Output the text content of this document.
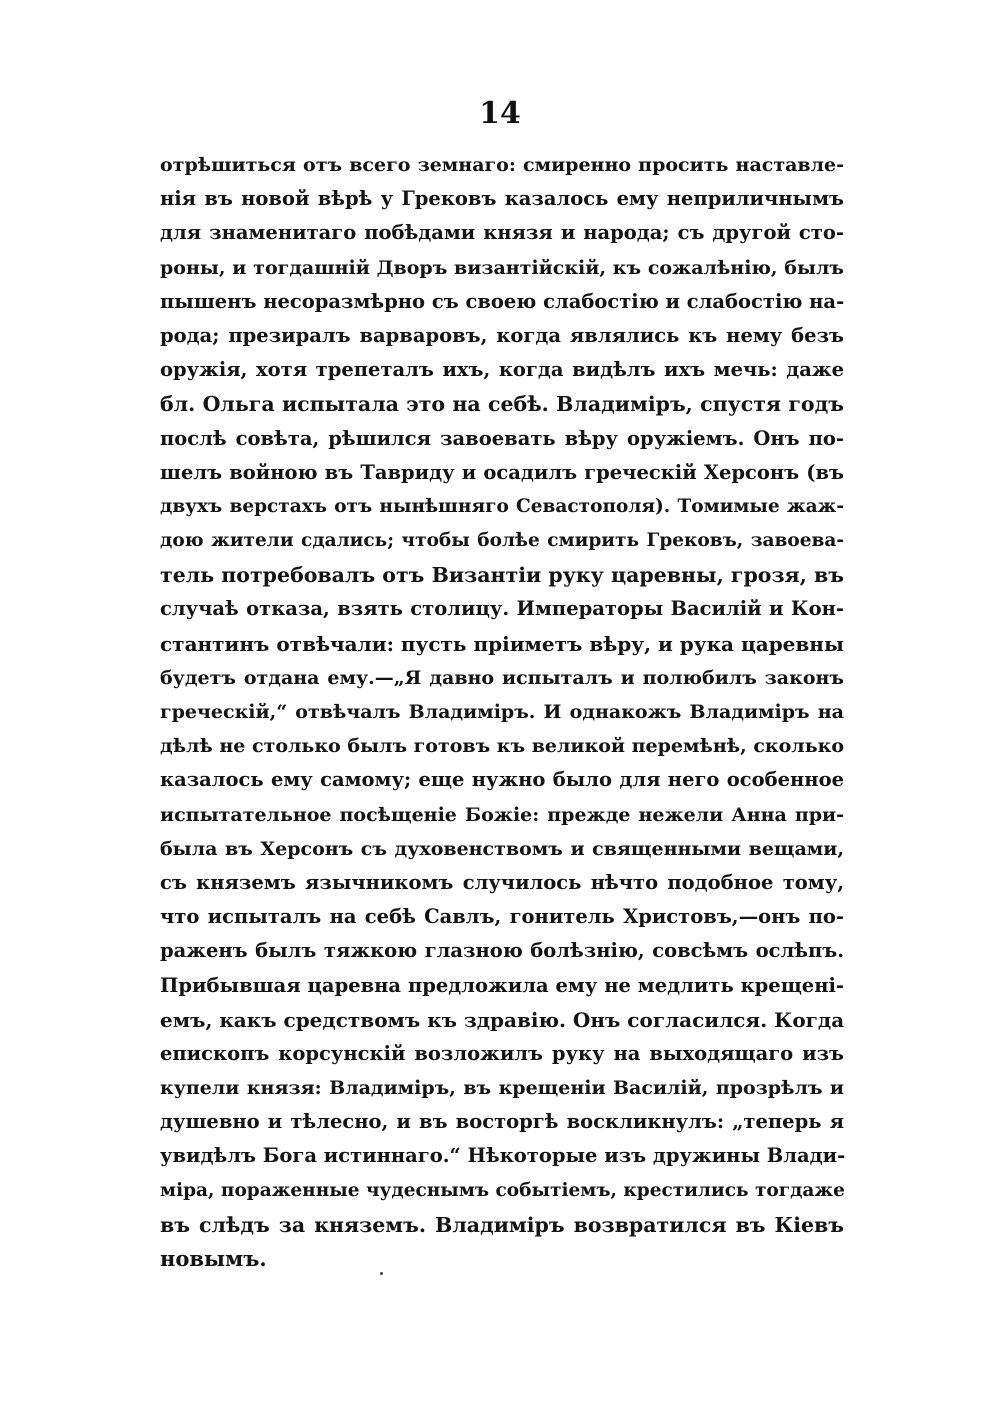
14
отрѣшиться отъ всего земнаго: смиренно просить наставле-
нія въ новой вѣрѣ у Грековъ казалось ему неприличнымъ
для знаменитаго побѣдами князя и народа; съ другой сто-
роны, и тогдашній Дворъ византійскій, къ сожалѣнію, былъ
пышенъ несоразмѣрно съ своею слабостію и слабостію на-
рода; презиралъ варваровъ, когда являлись къ нему безъ
оружія, хотя трепеталъ ихъ, когда видѣлъ ихъ мечь: даже
бл. Ольга испытала это на себѣ. Владиміръ, спустя годъ
послѣ совѣта, рѣшился завоевать вѣру оружіемъ. Онъ по-
шелъ войною въ Тавриду и осадилъ греческій Херсонъ (въ
двухъ верстахъ отъ нынѣшняго Севастополя). Томимые жаж-
дою жители сдались; чтобы болѣе смирить Грековъ, завоева-
тель потребовалъ отъ Византіи руку царевны, грозя, въ
случаѣ отказа, взять столицу. Императоры Василій и Кон-
стантинъ отвѣчали: пусть пріиметъ вѣру, и рука царевны
будетъ отдана ему.—„Я давно испыталъ и полюбилъ законъ
греческій,“ отвѣчалъ Владиміръ. И однакожъ Владиміръ на
дѣлѣ не столько былъ готовъ къ великой перемѣнѣ, сколько
казалось ему самому; еще нужно было для него особенное
испытательное посѣщеніе Божіе: прежде нежели Анна при-
была въ Херсонъ съ духовенствомъ и священными вещами,
съ княземъ язычникомъ случилось нѣчто подобное тому,
что испыталъ на себѣ Савлъ, гонитель Христовъ,—онъ по-
раженъ былъ тяжкою глазною болѣзнію, совсѣмъ ослѣпъ.
Прибывшая царевна предложила ему не медлить крещені-
емъ, какъ средствомъ къ здравію. Онъ согласился. Когда
епископъ корсунскій возложилъ руку на выходящаго изъ
купели князя: Владиміръ, въ крещеніи Василій, прозрѣлъ и
душевно и тѣлесно, и въ восторгѣ воскликнулъ: „теперь я
увидѣлъ Бога истиннаго.“ Нѣкоторые изъ дружины Влади-
міра, пораженные чудеснымъ событіемъ, крестились тогдаже
въ слѣдъ за княземъ. Владиміръ возвратился въ Кіевъ
новымъ.
